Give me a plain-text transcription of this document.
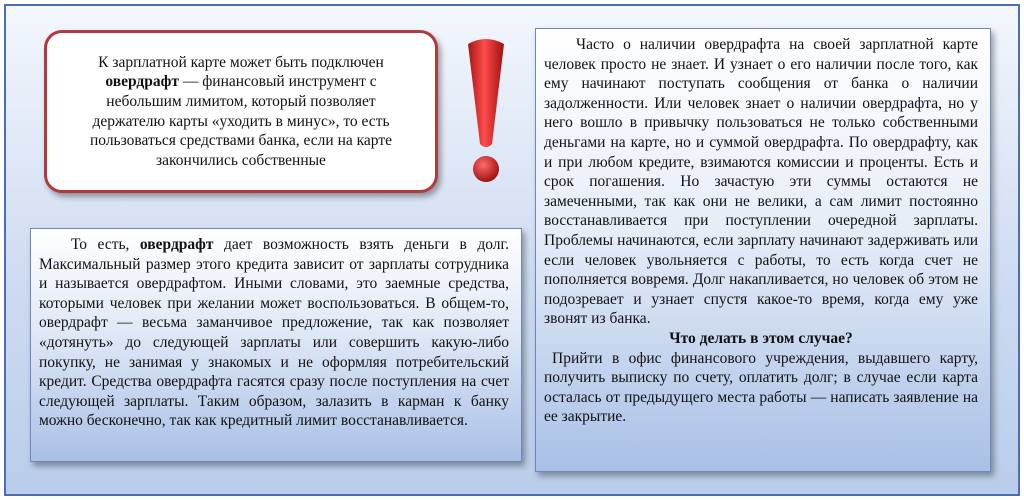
К зарплатной карте может быть подключен овердрафт — финансовый инструмент с небольшим лимитом, который позволяет держателю карты «уходить в минус», то есть пользоваться средствами банка, если на карте закончились собственные

То есть, овердрафт дает возможность взять деньги в долг. Максимальный размер этого кредита зависит от зарплаты сотрудника и называется овердрафтом. Иными словами, это заемные средства, которыми человек при желании может воспользоваться. В общем-то, овердрафт — весьма заманчивое предложение, так как позволяет «дотянуть» до следующей зарплаты или совершить какую-либо покупку, не занимая у знакомых и не оформляя потребительский кредит. Средства овердрафта гасятся сразу после поступления на счет следующей зарплаты. Таким образом, залазить в карман к банку можно бесконечно, так как кредитный лимит восстанавливается.

Часто о наличии овердрафта на своей зарплатной карте человек просто не знает. И узнает о его наличии после того, как ему начинают поступать сообщения от банка о наличии задолженности. Или человек знает о наличии овердрафта, но у него вошло в привычку пользоваться не только собственными деньгами на карте, но и суммой овердрафта. По овердрафту, как и при любом кредите, взимаются комиссии и проценты. Есть и срок погашения. Но зачастую эти суммы остаются не замеченными, так как они не велики, а сам лимит постоянно восстанавливается при поступлении очередной зарплаты. Проблемы начинаются, если зарплату начинают задерживать или если человек увольняется с работы, то есть когда счет не пополняется вовремя. Долг накапливается, но человек об этом не подозревает и узнает спустя какое-то время, когда ему уже звонят из банка.

Что делать в этом случае?

Прийти в офис финансового учреждения, выдавшего карту, получить выписку по счету, оплатить долг; в случае если карта осталась от предыдущего места работы — написать заявление на ее закрытие.
